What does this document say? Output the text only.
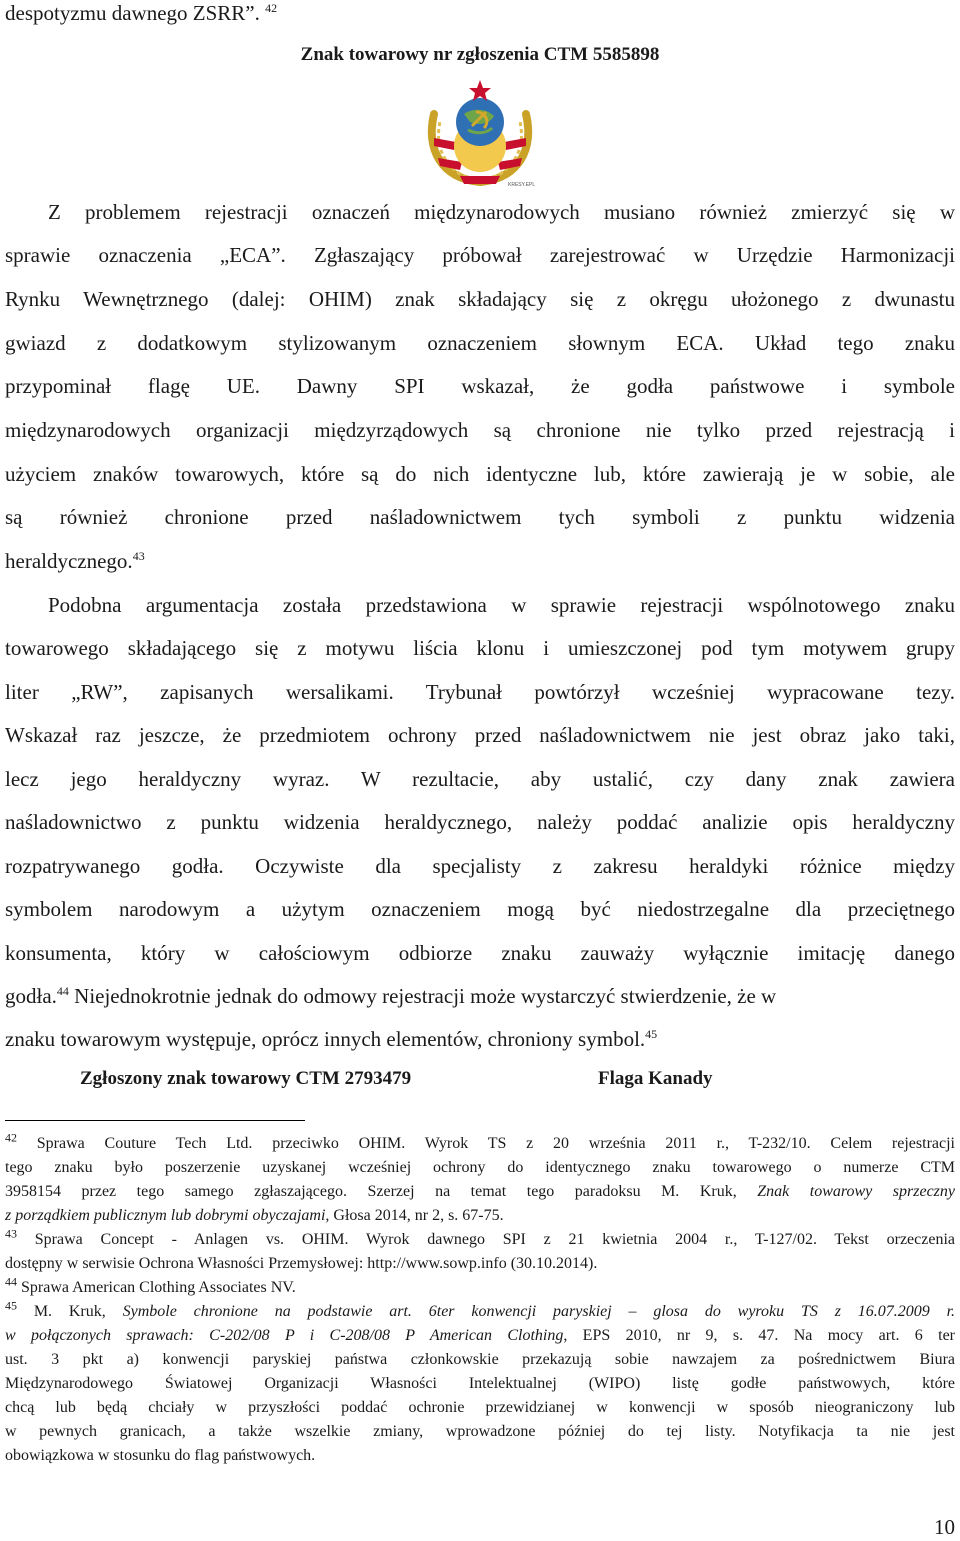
despotyzmu dawnego ZSRR”. $^{42}$
Znak towarowy nr zgłoszenia CTM 5585898
KRESY.EPL
Z problemem rejestracji oznaczeń międzynarodowych musiano również zmierzyć się w
sprawie oznaczenia „ECA”. Zgłaszający próbował zarejestrować w Urzędzie Harmonizacji
Rynku Wewnętrznego (dalej: OHIM) znak składający się z okręgu ułożonego z dwunastu
gwiazd z dodatkowym stylizowanym oznaczeniem słownym ECA. Układ tego znaku
przypominał flagę UE. Dawny SPI wskazał, że godła państwowe i symbole
międzynarodowych organizacji międzyrządowych są chronione nie tylko przed rejestracją i
użyciem znaków towarowych, które są do nich identyczne lub, które zawierają je w sobie, ale
są również chronione przed naśladownictwem tych symboli z punktu widzenia
heraldycznego.$^{43}$
Podobna argumentacja została przedstawiona w sprawie rejestracji wspólnotowego znaku
towarowego składającego się z motywu liścia klonu i umieszczonej pod tym motywem grupy
liter „RW”, zapisanych wersalikami. Trybunał powtórzył wcześniej wypracowane tezy.
Wskazał raz jeszcze, że przedmiotem ochrony przed naśladownictwem nie jest obraz jako taki,
lecz jego heraldyczny wyraz. W rezultacie, aby ustalić, czy dany znak zawiera
naśladownictwo z punktu widzenia heraldycznego, należy poddać analizie opis heraldyczny
rozpatrywanego godła. Oczywiste dla specjalisty z zakresu heraldyki różnice między
symbolem narodowym a użytym oznaczeniem mogą być niedostrzegalne dla przeciętnego
konsumenta, który w całościowym odbiorze znaku zauważy wyłącznie imitację danego
godła.$^{44}$ Niejednokrotnie jednak do odmowy rejestracji może wystarczyć stwierdzenie, że w
znaku towarowym występuje, oprócz innych elementów, chroniony symbol.$^{45}$
Zgłoszony znak towarowy CTM 2793479	Flaga Kanady
$^{42}$ Sprawa Couture Tech Ltd. przeciwko OHIM. Wyrok TS z 20 września 2011 r., T-232/10. Celem rejestracji
tego znaku było poszerzenie uzyskanej wcześniej ochrony do identycznego znaku towarowego o numerze CTM
3958154 przez tego samego zgłaszającego. Szerzej na temat tego paradoksu M. Kruk, Znak towarowy sprzeczny
z porządkiem publicznym lub dobrymi obyczajami, Głosa 2014, nr 2, s. 67-75.
$^{43}$ Sprawa Concept - Anlagen vs. OHIM. Wyrok dawnego SPI z 21 kwietnia 2004 r., T-127/02. Tekst orzeczenia
dostępny w serwisie Ochrona Własności Przemysłowej: http://www.sowp.info (30.10.2014).
$^{44}$ Sprawa American Clothing Associates NV.
$^{45}$ M. Kruk, Symbole chronione na podstawie art. 6ter konwencji paryskiej – glosa do wyroku TS z 16.07.2009 r.
w połączonych sprawach: C-202/08 P i C-208/08 P American Clothing, EPS 2010, nr 9, s. 47. Na mocy art. 6 ter
ust. 3 pkt a) konwencji paryskiej państwa członkowskie przekazują sobie nawzajem za pośrednictwem Biura
Międzynarodowego Światowej Organizacji Własności Intelektualnej (WIPO) listę godłe państwowych, które
chcą lub będą chciały w przyszłości poddać ochronie przewidzianej w konwencji w sposób nieograniczony lub
w pewnych granicach, a także wszelkie zmiany, wprowadzone później do tej listy. Notyfikacja ta nie jest
obowiązkowa w stosunku do flag państwowych.
10
